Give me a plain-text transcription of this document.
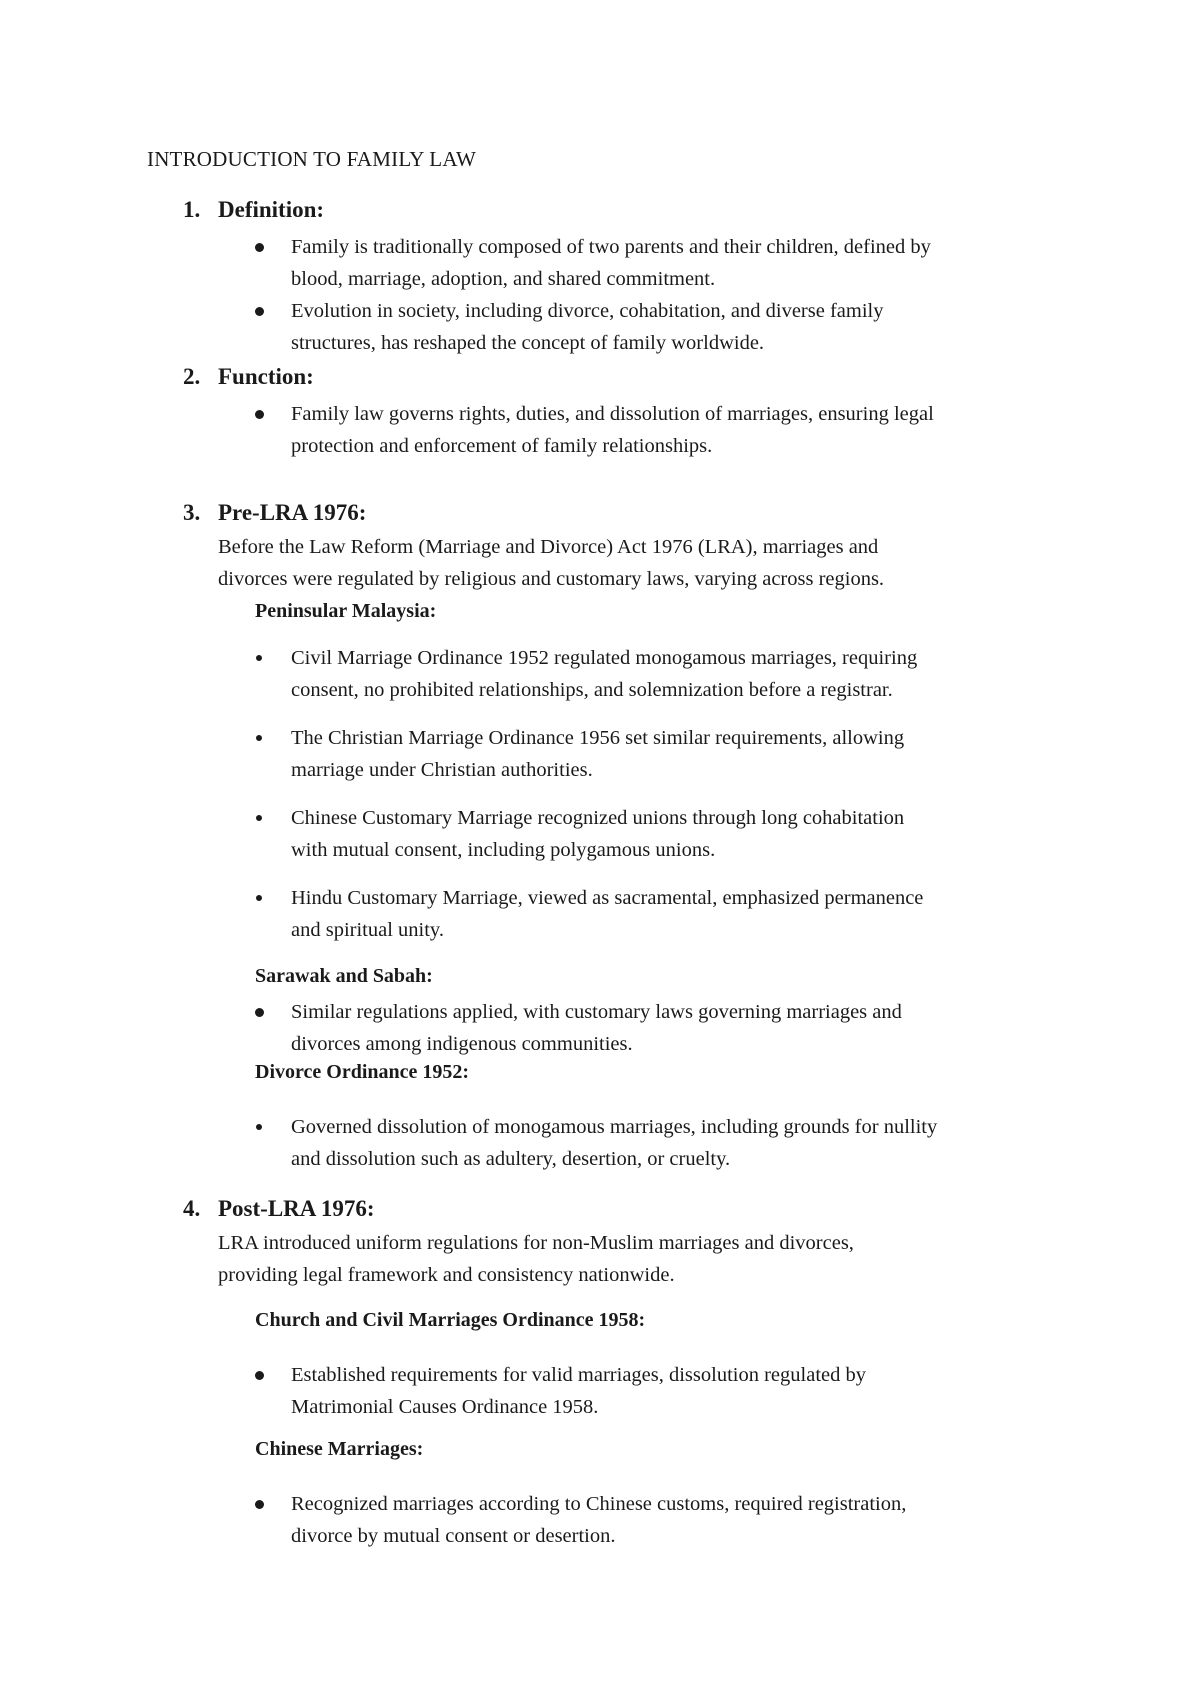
INTRODUCTION TO FAMILY LAW
1. Definition:
Family is traditionally composed of two parents and their children, defined by
blood, marriage, adoption, and shared commitment.
Evolution in society, including divorce, cohabitation, and diverse family
structures, has reshaped the concept of family worldwide.
2. Function:
Family law governs rights, duties, and dissolution of marriages, ensuring legal
protection and enforcement of family relationships.
3. Pre-LRA 1976:
Before the Law Reform (Marriage and Divorce) Act 1976 (LRA), marriages and
divorces were regulated by religious and customary laws, varying across regions.
Peninsular Malaysia:
Civil Marriage Ordinance 1952 regulated monogamous marriages, requiring
consent, no prohibited relationships, and solemnization before a registrar.
The Christian Marriage Ordinance 1956 set similar requirements, allowing
marriage under Christian authorities.
Chinese Customary Marriage recognized unions through long cohabitation
with mutual consent, including polygamous unions.
Hindu Customary Marriage, viewed as sacramental, emphasized permanence
and spiritual unity.
Sarawak and Sabah:
Similar regulations applied, with customary laws governing marriages and
divorces among indigenous communities.
Divorce Ordinance 1952:
Governed dissolution of monogamous marriages, including grounds for nullity
and dissolution such as adultery, desertion, or cruelty.
4. Post-LRA 1976:
LRA introduced uniform regulations for non-Muslim marriages and divorces,
providing legal framework and consistency nationwide.
Church and Civil Marriages Ordinance 1958:
Established requirements for valid marriages, dissolution regulated by
Matrimonial Causes Ordinance 1958.
Chinese Marriages:
Recognized marriages according to Chinese customs, required registration,
divorce by mutual consent or desertion.
